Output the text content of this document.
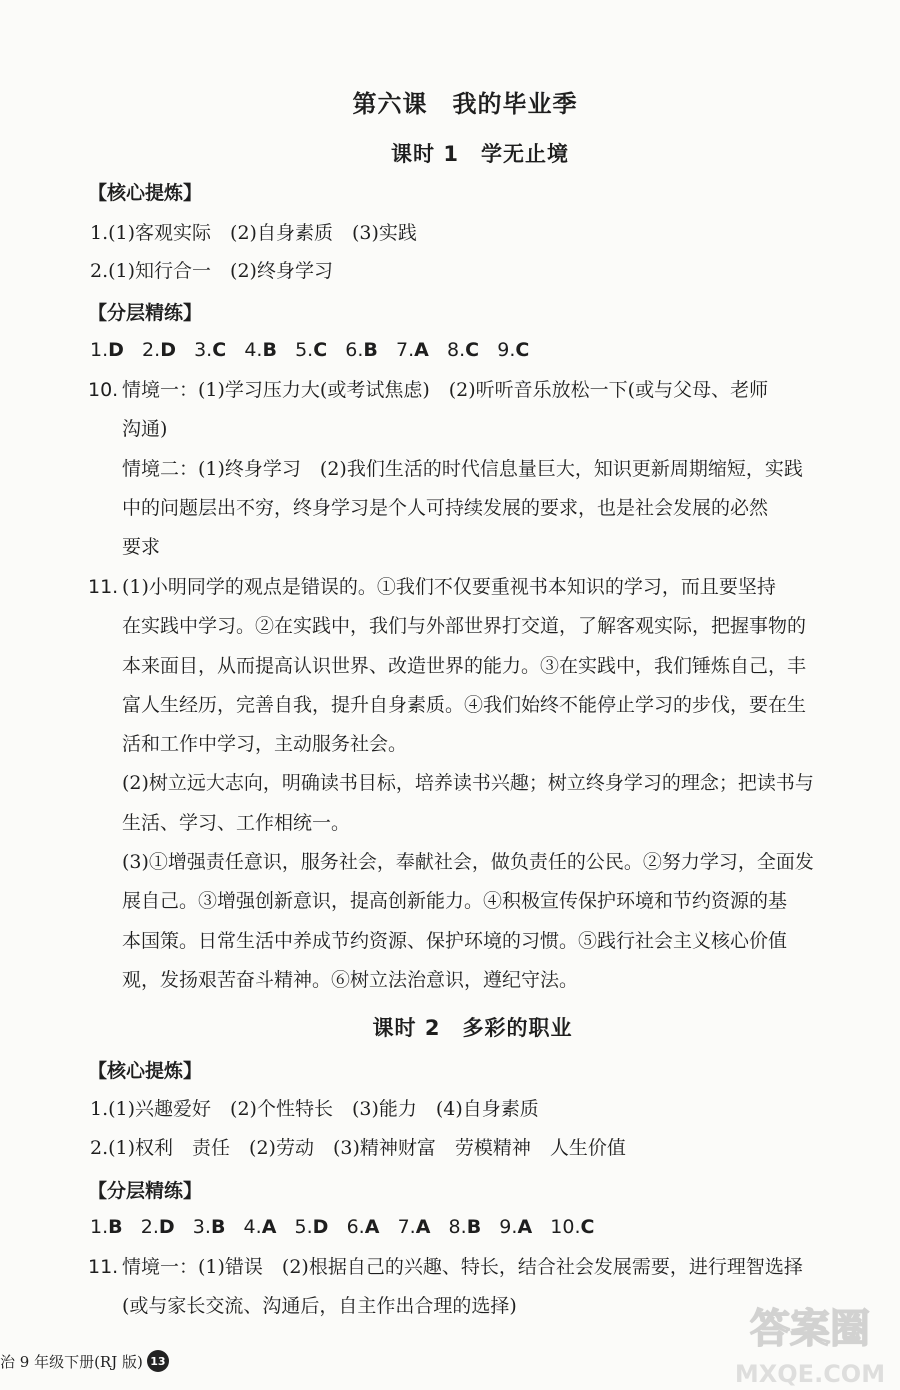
第六课　我的毕业季
课时 1　学无止境
【核心提炼】
1.(1)客观实际　(2)自身素质　(3)实践
2.(1)知行合一　(2)终身学习
【分层精练】
1.D 2.D 3.C 4.B 5.C 6.B 7.A 8.C 9.C
10. 情境一：(1)学习压力大(或考试焦虑)　(2)听听音乐放松一下(或与父母、老师
沟通)
情境二：(1)终身学习　(2)我们生活的时代信息量巨大，知识更新周期缩短，实践
中的问题层出不穷，终身学习是个人可持续发展的要求，也是社会发展的必然
要求
11. (1)小明同学的观点是错误的。①我们不仅要重视书本知识的学习，而且要坚持
在实践中学习。②在实践中，我们与外部世界打交道，了解客观实际，把握事物的
本来面目，从而提高认识世界、改造世界的能力。③在实践中，我们锤炼自己，丰
富人生经历，完善自我，提升自身素质。④我们始终不能停止学习的步伐，要在生
活和工作中学习，主动服务社会。
(2)树立远大志向，明确读书目标，培养读书兴趣；树立终身学习的理念；把读书与
生活、学习、工作相统一。
(3)①增强责任意识，服务社会，奉献社会，做负责任的公民。②努力学习，全面发
展自己。③增强创新意识，提高创新能力。④积极宣传保护环境和节约资源的基
本国策。日常生活中养成节约资源、保护环境的习惯。⑤践行社会主义核心价值
观，发扬艰苦奋斗精神。⑥树立法治意识，遵纪守法。
课时 2　多彩的职业
【核心提炼】
1.(1)兴趣爱好　(2)个性特长　(3)能力　(4)自身素质
2.(1)权利　责任　(2)劳动　(3)精神财富　劳模精神　人生价值
【分层精练】
1.B 2.D 3.B 4.A 5.D 6.A 7.A 8.B 9.A 10.C
11. 情境一：(1)错误　(2)根据自己的兴趣、特长，结合社会发展需要，进行理智选择
(或与家长交流、沟通后，自主作出合理的选择)
治 9 年级下册(RJ 版) 13
答案圈
MXQE.COM
